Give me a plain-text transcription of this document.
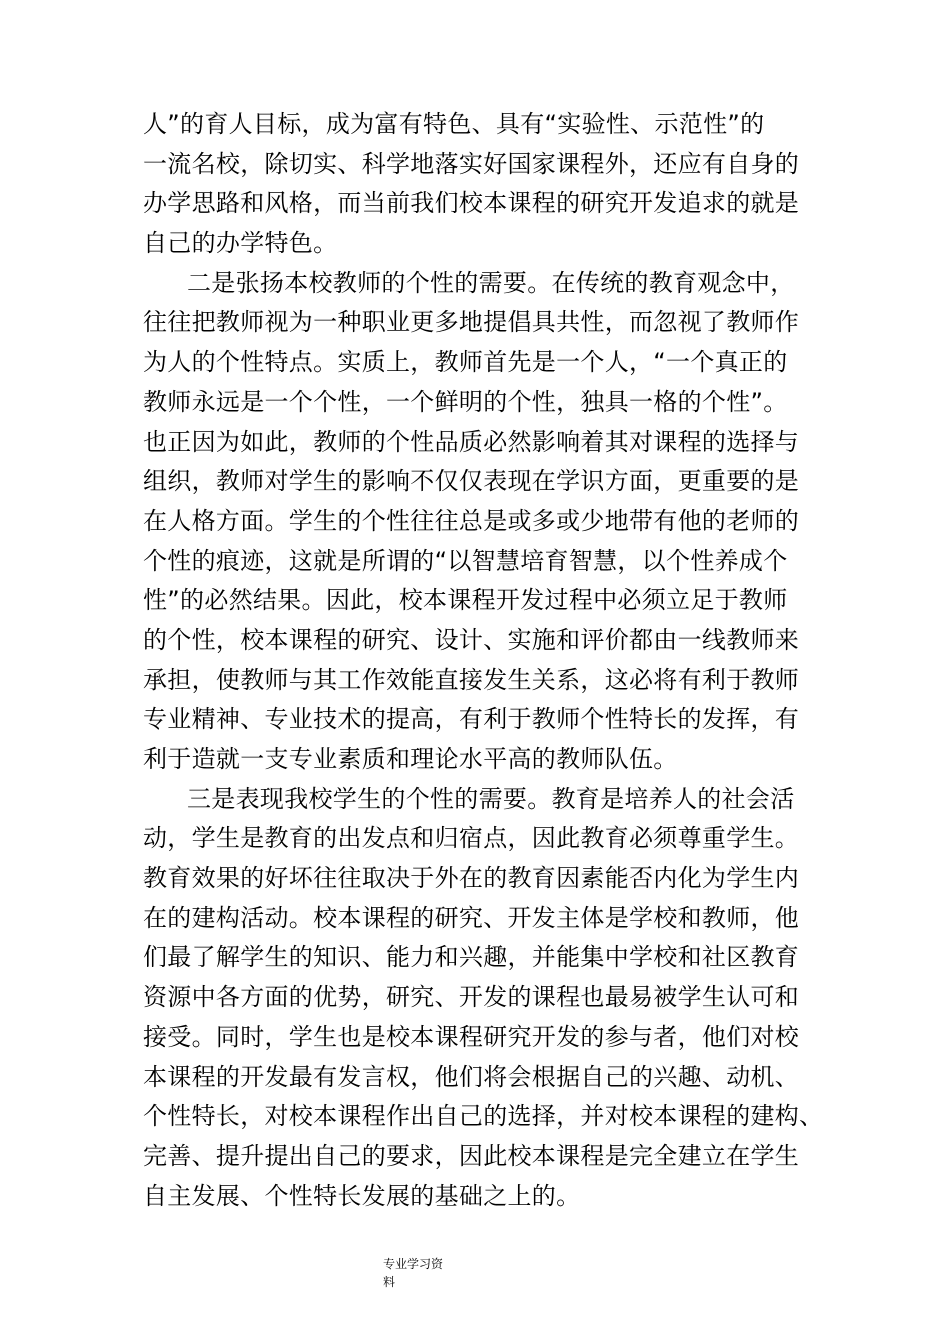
人”的育人目标，成为富有特色、具有“实验性、示范性”的
一流名校，除切实、科学地落实好国家课程外，还应有自身的
办学思路和风格，而当前我们校本课程的研究开发追求的就是
自己的办学特色。
二是张扬本校教师的个性的需要。在传统的教育观念中，
往往把教师视为一种职业更多地提倡具共性，而忽视了教师作
为人的个性特点。实质上，教师首先是一个人，“一个真正的
教师永远是一个个性，一个鲜明的个性，独具一格的个性”。
也正因为如此，教师的个性品质必然影响着其对课程的选择与
组织，教师对学生的影响不仅仅表现在学识方面，更重要的是
在人格方面。学生的个性往往总是或多或少地带有他的老师的
个性的痕迹，这就是所谓的“以智慧培育智慧，以个性养成个
性”的必然结果。因此，校本课程开发过程中必须立足于教师
的个性，校本课程的研究、设计、实施和评价都由一线教师来
承担，使教师与其工作效能直接发生关系，这必将有利于教师
专业精神、专业技术的提高，有利于教师个性特长的发挥，有
利于造就一支专业素质和理论水平高的教师队伍。
三是表现我校学生的个性的需要。教育是培养人的社会活
动，学生是教育的出发点和归宿点，因此教育必须尊重学生。
教育效果的好坏往往取决于外在的教育因素能否内化为学生内
在的建构活动。校本课程的研究、开发主体是学校和教师，他
们最了解学生的知识、能力和兴趣，并能集中学校和社区教育
资源中各方面的优势，研究、开发的课程也最易被学生认可和
接受。同时，学生也是校本课程研究开发的参与者，他们对校
本课程的开发最有发言权，他们将会根据自己的兴趣、动机、
个性特长，对校本课程作出自己的选择，并对校本课程的建构、
完善、提升提出自己的要求，因此校本课程是完全建立在学生
自主发展、个性特长发展的基础之上的。
专业学习资
料
